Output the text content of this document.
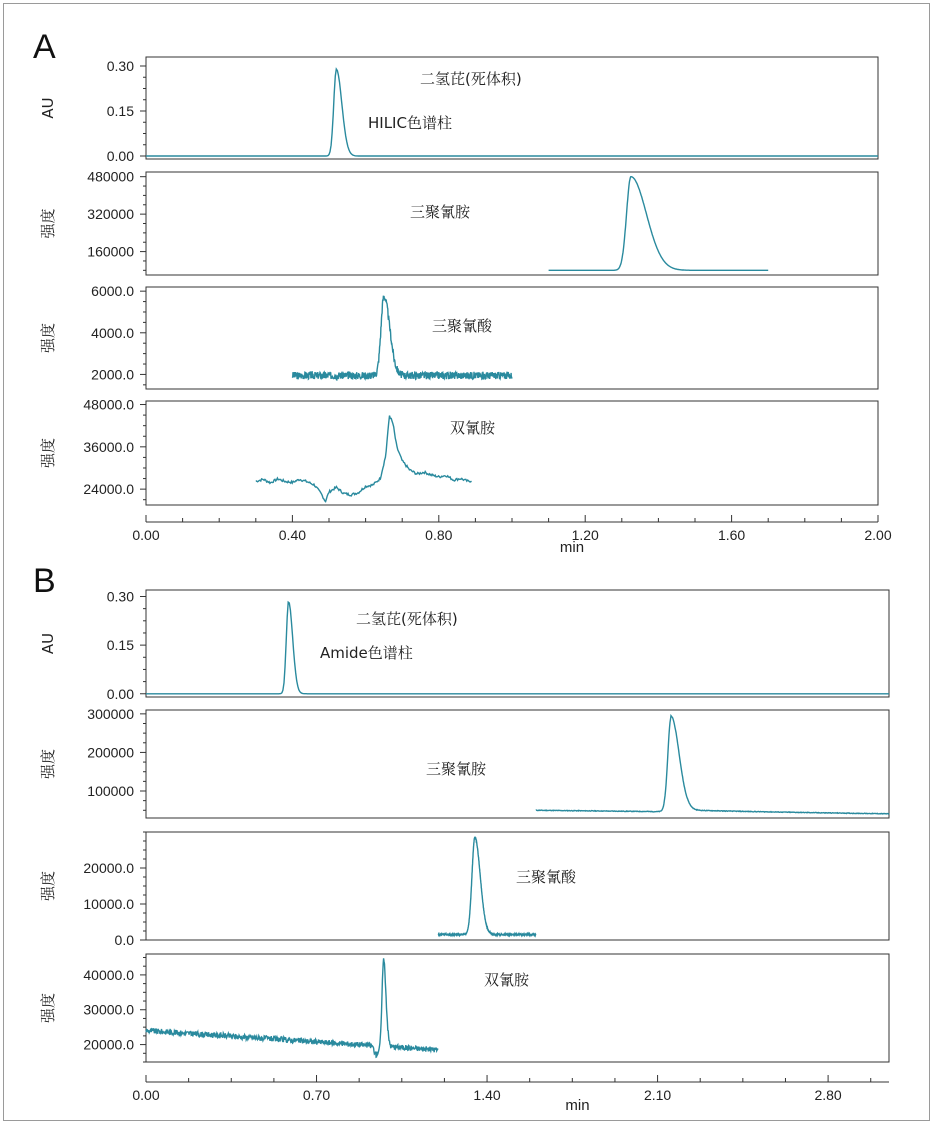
A	0.30
0.15
0.00
AU
二氢芘(死体积)
HILIC色谱柱
480000
320000
160000
强度	三聚氰胺
6000.0
4000.0
2000.0
强度	三聚氰酸
48000.0
36000.0
24000.0
强度
双氰胺
0.00	0.40	0.80	1.20	1.60	2.00
min
B	0.30
0.15
0.00
AU
二氢芘(死体积)
Amide色谱柱
300000
200000
100000
强度	三聚氰胺
20000.0
10000.0
0.0
强度	三聚氰酸
40000.0
30000.0
20000.0
强度
双氰胺
0.00	0.70	1.40	2.10	2.80
min
